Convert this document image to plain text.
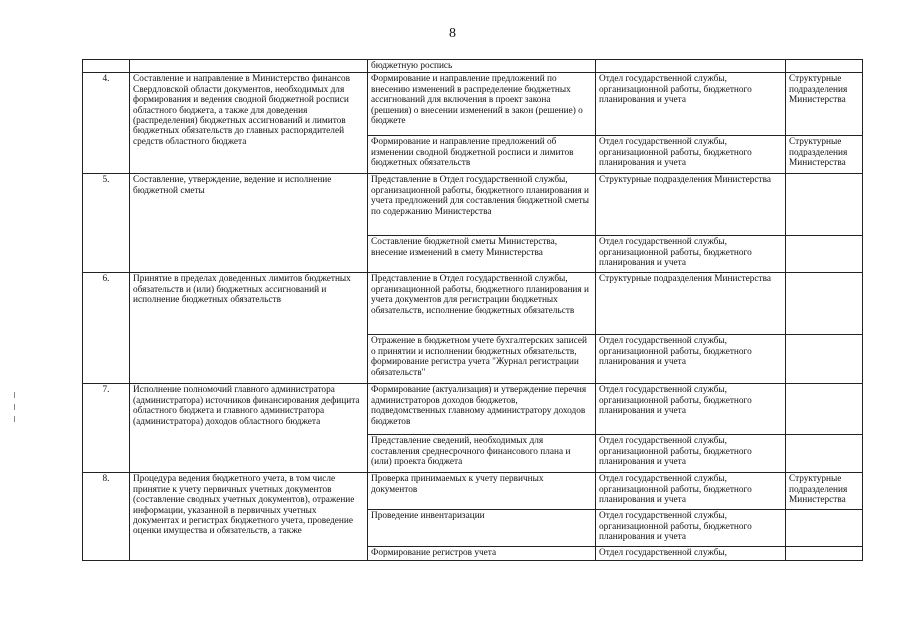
8
		бюджетную роспись		
4.	Составление и направление в Министерство финансов Свердловской области документов, необходимых для формирования и ведения сводной бюджетной росписи областного бюджета, а также для доведения (распределения) бюджетных ассигнований и лимитов бюджетных обязательств до главных распорядителей средств областного бюджета	Формирование и направление предложений по внесению изменений в распределение бюджетных ассигнований для включения в проект закона (решения) о внесении изменений в закон (решение) о бюджете	Отдел государственной службы, организационной работы, бюджетного планирования и учета	Структурные подразделения Министерства
		Формирование и направление предложений об изменении сводной бюджетной росписи и лимитов бюджетных обязательств	Отдел государственной службы, организационной работы, бюджетного планирования и учета	Структурные подразделения Министерства
5.	Составление, утверждение, ведение и исполнение бюджетной сметы	Представление в Отдел государственной службы, организационной работы, бюджетного планирования и учета предложений для составления бюджетной сметы по содержанию Министерства	Структурные подразделения Министерства	
		Составление бюджетной сметы Министерства, внесение изменений в смету Министерства	Отдел государственной службы, организационной работы, бюджетного планирования и учета	
6.	Принятие в пределах доведенных лимитов бюджетных обязательств и (или) бюджетных ассигнований и исполнение бюджетных обязательств	Представление в Отдел государственной службы, организационной работы, бюджетного планирования и учета документов для регистрации бюджетных обязательств, исполнение бюджетных обязательств	Структурные подразделения Министерства	
		Отражение в бюджетном учете бухгалтерских записей о принятии и исполнении бюджетных обязательств, формирование регистра учета "Журнал регистрации обязательств"	Отдел государственной службы, организационной работы, бюджетного планирования и учета	
7.	Исполнение полномочий главного администратора (администратора) источников финансирования дефицита областного бюджета и главного администратора (администратора) доходов областного бюджета	Формирование (актуализация) и утверждение перечня администраторов доходов бюджетов, подведомственных главному администратору доходов бюджетов	Отдел государственной службы, организационной работы, бюджетного планирования и учета	
		Представление сведений, необходимых для составления среднесрочного финансового плана и (или) проекта бюджета	Отдел государственной службы, организационной работы, бюджетного планирования и учета	
8.	Процедура ведения бюджетного учета, в том числе принятие к учету первичных учетных документов (составление сводных учетных документов), отражение информации, указанной в первичных учетных документах и регистрах бюджетного учета, проведение оценки имущества и обязательств, а также	Проверка принимаемых к учету первичных документов	Отдел государственной службы, организационной работы, бюджетного планирования и учета	Структурные подразделения Министерства
		Проведение инвентаризации	Отдел государственной службы, организационной работы, бюджетного планирования и учета	
		Формирование регистров учета	Отдел государственной службы,	
